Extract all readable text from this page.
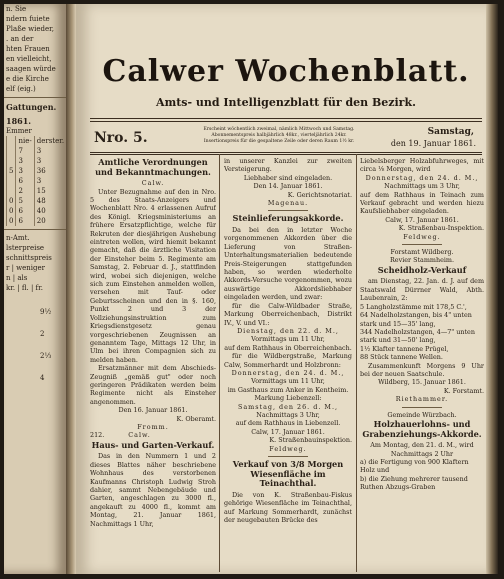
n. Sie
ndern fuiete
Plaße wieder,
. an der
hten Frauen
en vielleicht,
saagen würde
e die Kirche
elf (eig.)
Gattungen.
1861.
Emmer
	nie-	derster.
	7	3
	3	3
5	3	36
	6	3
	2	15
0	5	48
0	6	40
0	6	20
n-Amt.
lsterpreise
schnittspreis
r | weniger
n | als
kr. | fl. | fr.
9½
2
2⅓
4
Calwer Wochenblatt.
Amts- und Intelligenzblatt für den Bezirk.
Nro. 5.
Erscheint wöchentlich zweimal, nämlich Mittwoch und Samstag.
Abonnementspreis halbjährlich 48kr., vierteljährlich 24kr.
Insertionspreis für die gespaltene Zeile oder deren Raum 1½ kr.
Samstag,
den 19. Januar 1861.
Amtliche Verordnungen und Bekanntmachungen.
Calw.

Unter Bezugnahme auf den in Nro. 5 des Staats-Anzeigers und Wochenblatt Nro. 4 erlassenen Aufruf des Königl. Kriegsministeriums an frühere Ersatzpflichtige, welche für Rekruten der diesjährigen Aushebung eintreten wollen, wird hiemit bekannt gemacht, daß die ärztliche Visitation der Einsteher beim 5. Regimente am Samstag, 2. Februar d. J., stattfinden wird, wobei sich diejenigen, welche sich zum Einstehen anmelden wollen, versehen mit Tauf- oder Geburtsscheinen und den in §. 160, Punkt 2 und 3 der Vollziehungsinstruktion zum Kriegsdienstgesetz genau vorgeschriebenen Zeugnissen an genanntem Tage, Mittags 12 Uhr, in Ulm bei ihren Compagnien sich zu melden haben.

Ersatzmänner mit dem Abschieds-Zeugniß „gemäß gut" oder noch geringeren Prädikaten werden beim Regimente nicht als Einsteher angenommen.

Den 16. Januar 1861.
K. Oberamt.
Fromm.
212.	Calw.
Haus- und Garten-Verkauf.

Das in den Nummern 1 und 2 dieses Blattes näher beschriebene Wohnhaus des verstorbenen Kaufmanns Christoph Ludwig Stroh dahier, sammt Nebengebäude und Garten, angeschlagen zu 3000 fl., angekauft zu 4000 fl., kommt am Montag, 21. Januar 1861, Nachmittags 1 Uhr,

in unserer Kanzlei zur zweiten Versteigerung.

Liebhaber sind eingeladen.
Den 14. Januar 1861.
K. Gerichtsnotariat.
Magenau.
Steinlieferungsakkorde.

Da bei den in letzter Woche vorgenommenen Akkorden über die Lieferung von Straßen-Unterhaltungsmaterialien bedeutende Preis-Steigerungen stattgefunden haben, so werden wiederholte Akkords-Versuche vorgenommen, wozu auswärtige Akkordsliebhaber eingeladen werden, und zwar:

für die Calw-Wildbader Straße, Markung Oberreichenbach, Distrikt IV., V. und VI.:

Dienstag, den 22. d. M.,
Vormittags um 11 Uhr,
auf dem Rathhaus in Oberreichenbach.

für die Wildbergstraße, Markung Calw, Sommerhardt und Holzbronn:

Donnerstag, den 24. d. M.,
Vormittags um 11 Uhr,
im Gasthaus zum Anker in Kentheim.
Markung Liebenzell:
Samstag, den 26. d. M.,
Nachmittags 3 Uhr,
auf dem Rathhaus in Liebenzell.
Calw, 17. Januar 1861.
K. Straßenbauinspektion.
Feldweg.
Verkauf von 3/8 Morgen Wiesenfläche im Teinachthal.

Die von K. Straßenbau-Fiskus gehörige Wiesenfläche im Teinachthal, auf Markung Sommerhardt, zunächst der neugebauten Brücke des

Liebelsberger Holzabfuhrweges, mit circa ⅛ Morgen, wird

Donnerstag, den 24. d. M.,
Nachmittags um 3 Uhr,

auf dem Rathhaus in Teinach zum Verkauf gebracht und werden hiezu Kaufsliebhaber eingeladen.

Calw, 17. Januar 1861.
K. Straßenbau-Inspektion.
Feldweg.
Forstamt Wildberg.
Revier Stammheim.
Scheidholz-Verkauf

am Dienstag, 22. Jan. d. J. auf dem Staatswald Dürrner Wald, Abth. Laubenrain, 2:

5 Langholzstämme mit 178,5 C.',
64 Nadelholzstangen, bis 4" unten stark und 15—35' lang,
344 Nadelholzstangen, 4—7" unten stark und 31—50' lang,
1½ Klafter tannene Prügel,
88 Stück tannene Wellen.

Zusammenkunft Morgens 9 Uhr bei der neuen Saatschule.

Wildberg, 15. Januar 1861.
K. Forstamt.
Riethammer.
Gemeinde Würzbach.
Holzhauerlohns- und Grabenziehungs-Akkorde.
Am Montag, den 21. d. M., wird
Nachmittags 2 Uhr
a) die Fertigung von 900 Klaftern Holz und
b) die Ziehung mehrerer tausend Ruthen Abzugs-Graben
